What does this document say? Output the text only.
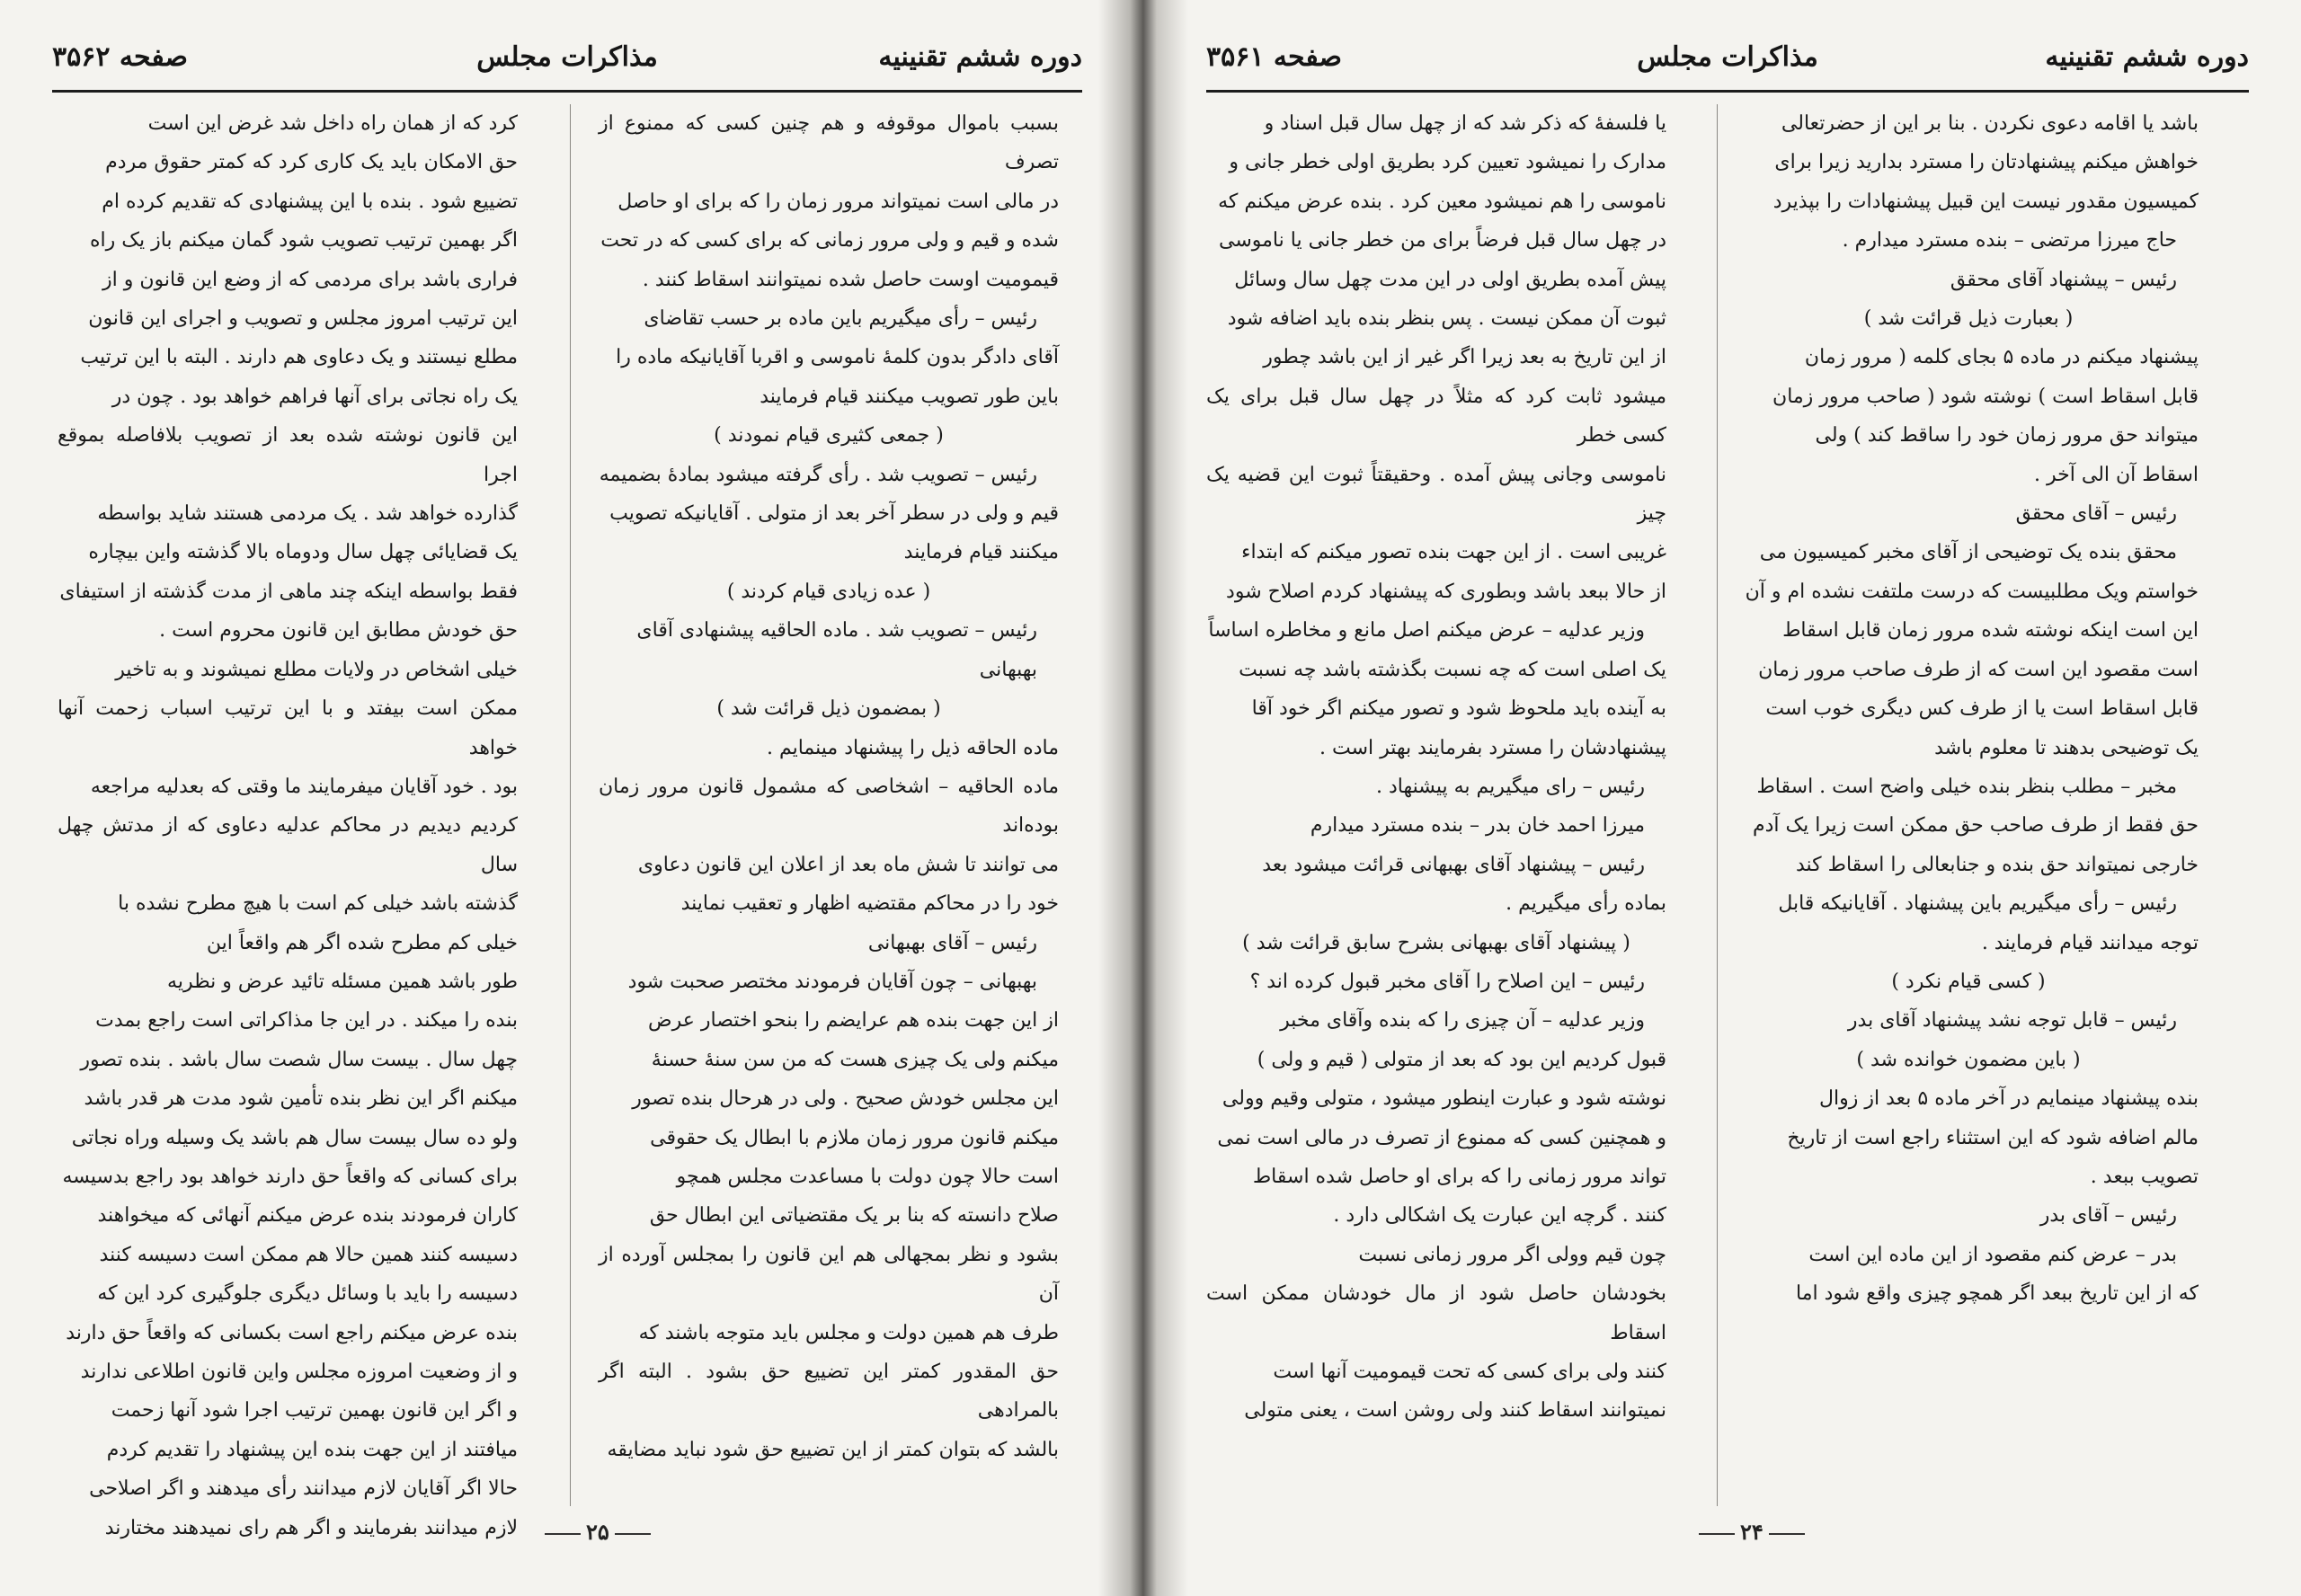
دوره ششم تقنینیه
مذاکرات مجلس
صفحه ۳۵۶۲

بسبب باموال موقوفه و هم چنین کسی که ممنوع از تصرف

در مالی است نمیتواند مرور زمان را که برای او حاصل

شده و قیم و ولی مرور زمانی که برای کسی که در تحت

قیمومیت اوست حاصل شده نمیتوانند اسقاط کنند .

رئیس – رأی میگیریم باین ماده بر حسب تقاضای

آقای دادگر بدون کلمهٔ ناموسی و اقربا آقایانیکه ماده را

باین طور تصویب میکنند قیام فرمایند

( جمعی کثیری قیام نمودند )

رئیس – تصویب شد . رأی گرفته میشود بمادهٔ بضمیمه

قیم و ولی در سطر آخر بعد از متولی . آقایانیکه تصویب

میکنند قیام فرمایند

( عده زیادی قیام کردند )

رئیس – تصویب شد . ماده الحاقیه پیشنهادی آقای

بهبهانی

( بمضمون ذیل قرائت شد )

ماده الحاقه ذیل را پیشنهاد مینمایم .

ماده الحاقیه – اشخاصی که مشمول قانون مرور زمان بوده‌اند

می توانند تا شش ماه بعد از اعلان این قانون دعاوی

خود را در محاکم مقتضیه اظهار و تعقیب نمایند

رئیس – آقای بهبهانی

بهبهانی – چون آقایان فرمودند مختصر صحبت شود

از این جهت بنده هم عرایضم را بنحو اختصار عرض

میکنم ولی یک چیزی هست که من سن سنهٔ حسنهٔ

این مجلس خودش صحیح . ولی در هرحال بنده تصور

میکنم قانون مرور زمان ملازم با ابطال یک حقوقی

است حالا چون دولت با مساعدت مجلس همچو

صلاح دانسته که بنا بر یک مقتضیاتی این ابطال حق

بشود و نظر بمجهالی هم این قانون را بمجلس آورده از آن

طرف هم همین دولت و مجلس باید متوجه باشند که

حق المقدور کمتر این تضییع حق بشود . البته اگر بالمرادهی

بالشد که بتوان کمتر از این تضییع حق شود نباید مضایقه

کرد که از همان راه داخل شد غرض این است

حق الامکان باید یک کاری کرد که کمتر حقوق مردم

تضییع شود . بنده با این پیشنهادی که تقدیم کرده ام

اگر بهمین ترتیب تصویب شود گمان میکنم باز یک راه

فراری باشد برای مردمی که از وضع این قانون و از

این ترتیب امروز مجلس و تصویب و اجرای این قانون

مطلع نیستند و یک دعاوی هم دارند . البته با این ترتیب

یک راه نجاتی برای آنها فراهم خواهد بود . چون در

این قانون نوشته شده بعد از تصویب بلافاصله بموقع اجرا

گذارده خواهد شد . یک مردمی هستند شاید بواسطه

یک قضایائی چهل سال ودوماه بالا گذشته واین بیچاره

فقط بواسطه اینکه چند ماهی از مدت گذشته از استیفای

حق خودش مطابق این قانون محروم است .

خیلی اشخاص در ولایات مطلع نمیشوند و به تاخیر

ممکن است بیفتد و با این ترتیب اسباب زحمت آنها خواهد

بود . خود آقایان میفرمایند ما وقتی که بعدلیه مراجعه

کردیم دیدیم در محاکم عدلیه دعاوی که از مدتش چهل سال

گذشته باشد خیلی کم است با هیچ مطرح نشده با

خیلی کم مطرح شده اگر هم واقعاً این

طور باشد همین مسئله تائید عرض و نظریه

بنده را میکند . در این جا مذاکراتی است راجع بمدت

چهل سال . بیست سال شصت سال باشد . بنده تصور

میکنم اگر این نظر بنده تأمین شود مدت هر قدر باشد

ولو ده سال بیست سال هم باشد یک وسیله وراه نجاتی

برای کسانی که واقعاً حق دارند خواهد بود راجع بدسیسه

کاران فرمودند بنده عرض میکنم آنهائی که میخواهند

دسیسه کنند همین حالا هم ممکن است دسیسه کنند

دسیسه را باید با وسائل دیگری جلوگیری کرد این که

بنده عرض میکنم راجع است بکسانی که واقعاً حق دارند

و از وضعیت امروزه مجلس واین قانون اطلاعی ندارند

و اگر این قانون بهمین ترتیب اجرا شود آنها زحمت

میافتند از این جهت بنده این پیشنهاد را تقدیم کردم

حالا اگر آقایان لازم میدانند رأی میدهند و اگر اصلاحی

لازم میدانند بفرمایند و اگر هم رای نمیدهند مختارند	۲۵
دوره ششم تقنینیه
مذاکرات مجلس
صفحه ۳۵۶۱

باشد یا اقامه دعوی نکردن . بنا بر این از حضرتعالی

خواهش میکنم پیشنهادتان را مسترد بدارید زیرا برای

کمیسیون مقدور نیست این قبیل پیشنهادات را بپذیرد

حاج میرزا مرتضی – بنده مسترد میدارم .

رئیس – پیشنهاد آقای محقق

( بعبارت ذیل قرائت شد )

پیشنهاد میکنم در ماده ۵ بجای کلمه ( مرور زمان

قابل اسقاط است ) نوشته شود ( صاحب مرور زمان

میتواند حق مرور زمان خود را ساقط کند ) ولی

اسقاط آن الی آخر .

رئیس – آقای محقق

محقق بنده یک توضیحی از آقای مخبر کمیسیون می

خواستم ویک مطلبیست که درست ملتفت نشده ام و آن

این است اینکه نوشته شده مرور زمان قابل اسقاط

است مقصود این است که از طرف صاحب مرور زمان

قابل اسقاط است یا از طرف کس دیگری خوب است

یک توضیحی بدهند تا معلوم باشد

مخبر – مطلب بنظر بنده خیلی واضح است . اسقاط

حق فقط از طرف صاحب حق ممکن است زیرا یک آدم

خارجی نمیتواند حق بنده و جنابعالی را اسقاط کند

رئیس – رأی میگیریم باین پیشنهاد . آقایانیکه قابل

توجه میدانند قیام فرمایند .

( کسی قیام نکرد )

رئیس – قابل توجه نشد پیشنهاد آقای بدر

( باین مضمون خوانده شد )

بنده پیشنهاد مینمایم در آخر ماده ۵ بعد از زوال

مالم اضافه شود که این استثناء راجع است از تاریخ

تصویب ببعد .

رئیس – آقای بدر

بدر – عرض کنم مقصود از این ماده این است

که از این تاریخ ببعد اگر همچو چیزی واقع شود اما

یا فلسفهٔ که ذکر شد که از چهل سال قبل اسناد و

مدارک را نمیشود تعیین کرد بطریق اولی خطر جانی و

ناموسی را هم نمیشود معین کرد . بنده عرض میکنم که

در چهل سال قبل فرضاً برای من خطر جانی یا ناموسی

پیش آمده بطریق اولی در این مدت چهل سال وسائل

ثبوت آن ممکن نیست . پس بنظر بنده باید اضافه شود

از این تاریخ به بعد زیرا اگر غیر از این باشد چطور

میشود ثابت کرد که مثلاً در چهل سال قبل برای یک کسی خطر

ناموسی وجانی پیش آمده . وحقیقتاً ثبوت این قضیه یک چیز

غریبی است . از این جهت بنده تصور میکنم که ابتداء

از حالا ببعد باشد وبطوری که پیشنهاد کردم اصلاح شود

وزیر عدلیه – عرض میکنم اصل مانع و مخاطره اساساً

یک اصلی است که چه نسبت بگذشته باشد چه نسبت

به آینده باید ملحوظ شود و تصور میکنم اگر خود آقا

پیشنهادشان را مسترد بفرمایند بهتر است .

رئیس – رای میگیریم به پیشنهاد .

میرزا احمد خان بدر – بنده مسترد میدارم

رئیس – پیشنهاد آقای بهبهانی قرائت میشود بعد

بماده رأی میگیریم .

( پیشنهاد آقای بهبهانی بشرح سابق قرائت شد )

رئیس – این اصلاح را آقای مخبر قبول کرده اند ؟

وزیر عدلیه – آن چیزی را که بنده وآقای مخبر

قبول کردیم این بود که بعد از متولی ( قیم و ولی )

نوشته شود و عبارت اینطور میشود ، متولی وقیم وولی

و همچنین کسی که ممنوع از تصرف در مالی است نمی

تواند مرور زمانی را که برای او حاصل شده اسقاط

کنند . گرچه این عبارت یک اشکالی دارد .

چون قیم وولی اگر مرور زمانی نسبت

بخودشان حاصل شود از مال خودشان ممکن است اسقاط

کنند ولی برای کسی که تحت قیمومیت آنها است

نمیتوانند اسقاط کنند ولی روشن است ، یعنی متولی

۲۴
